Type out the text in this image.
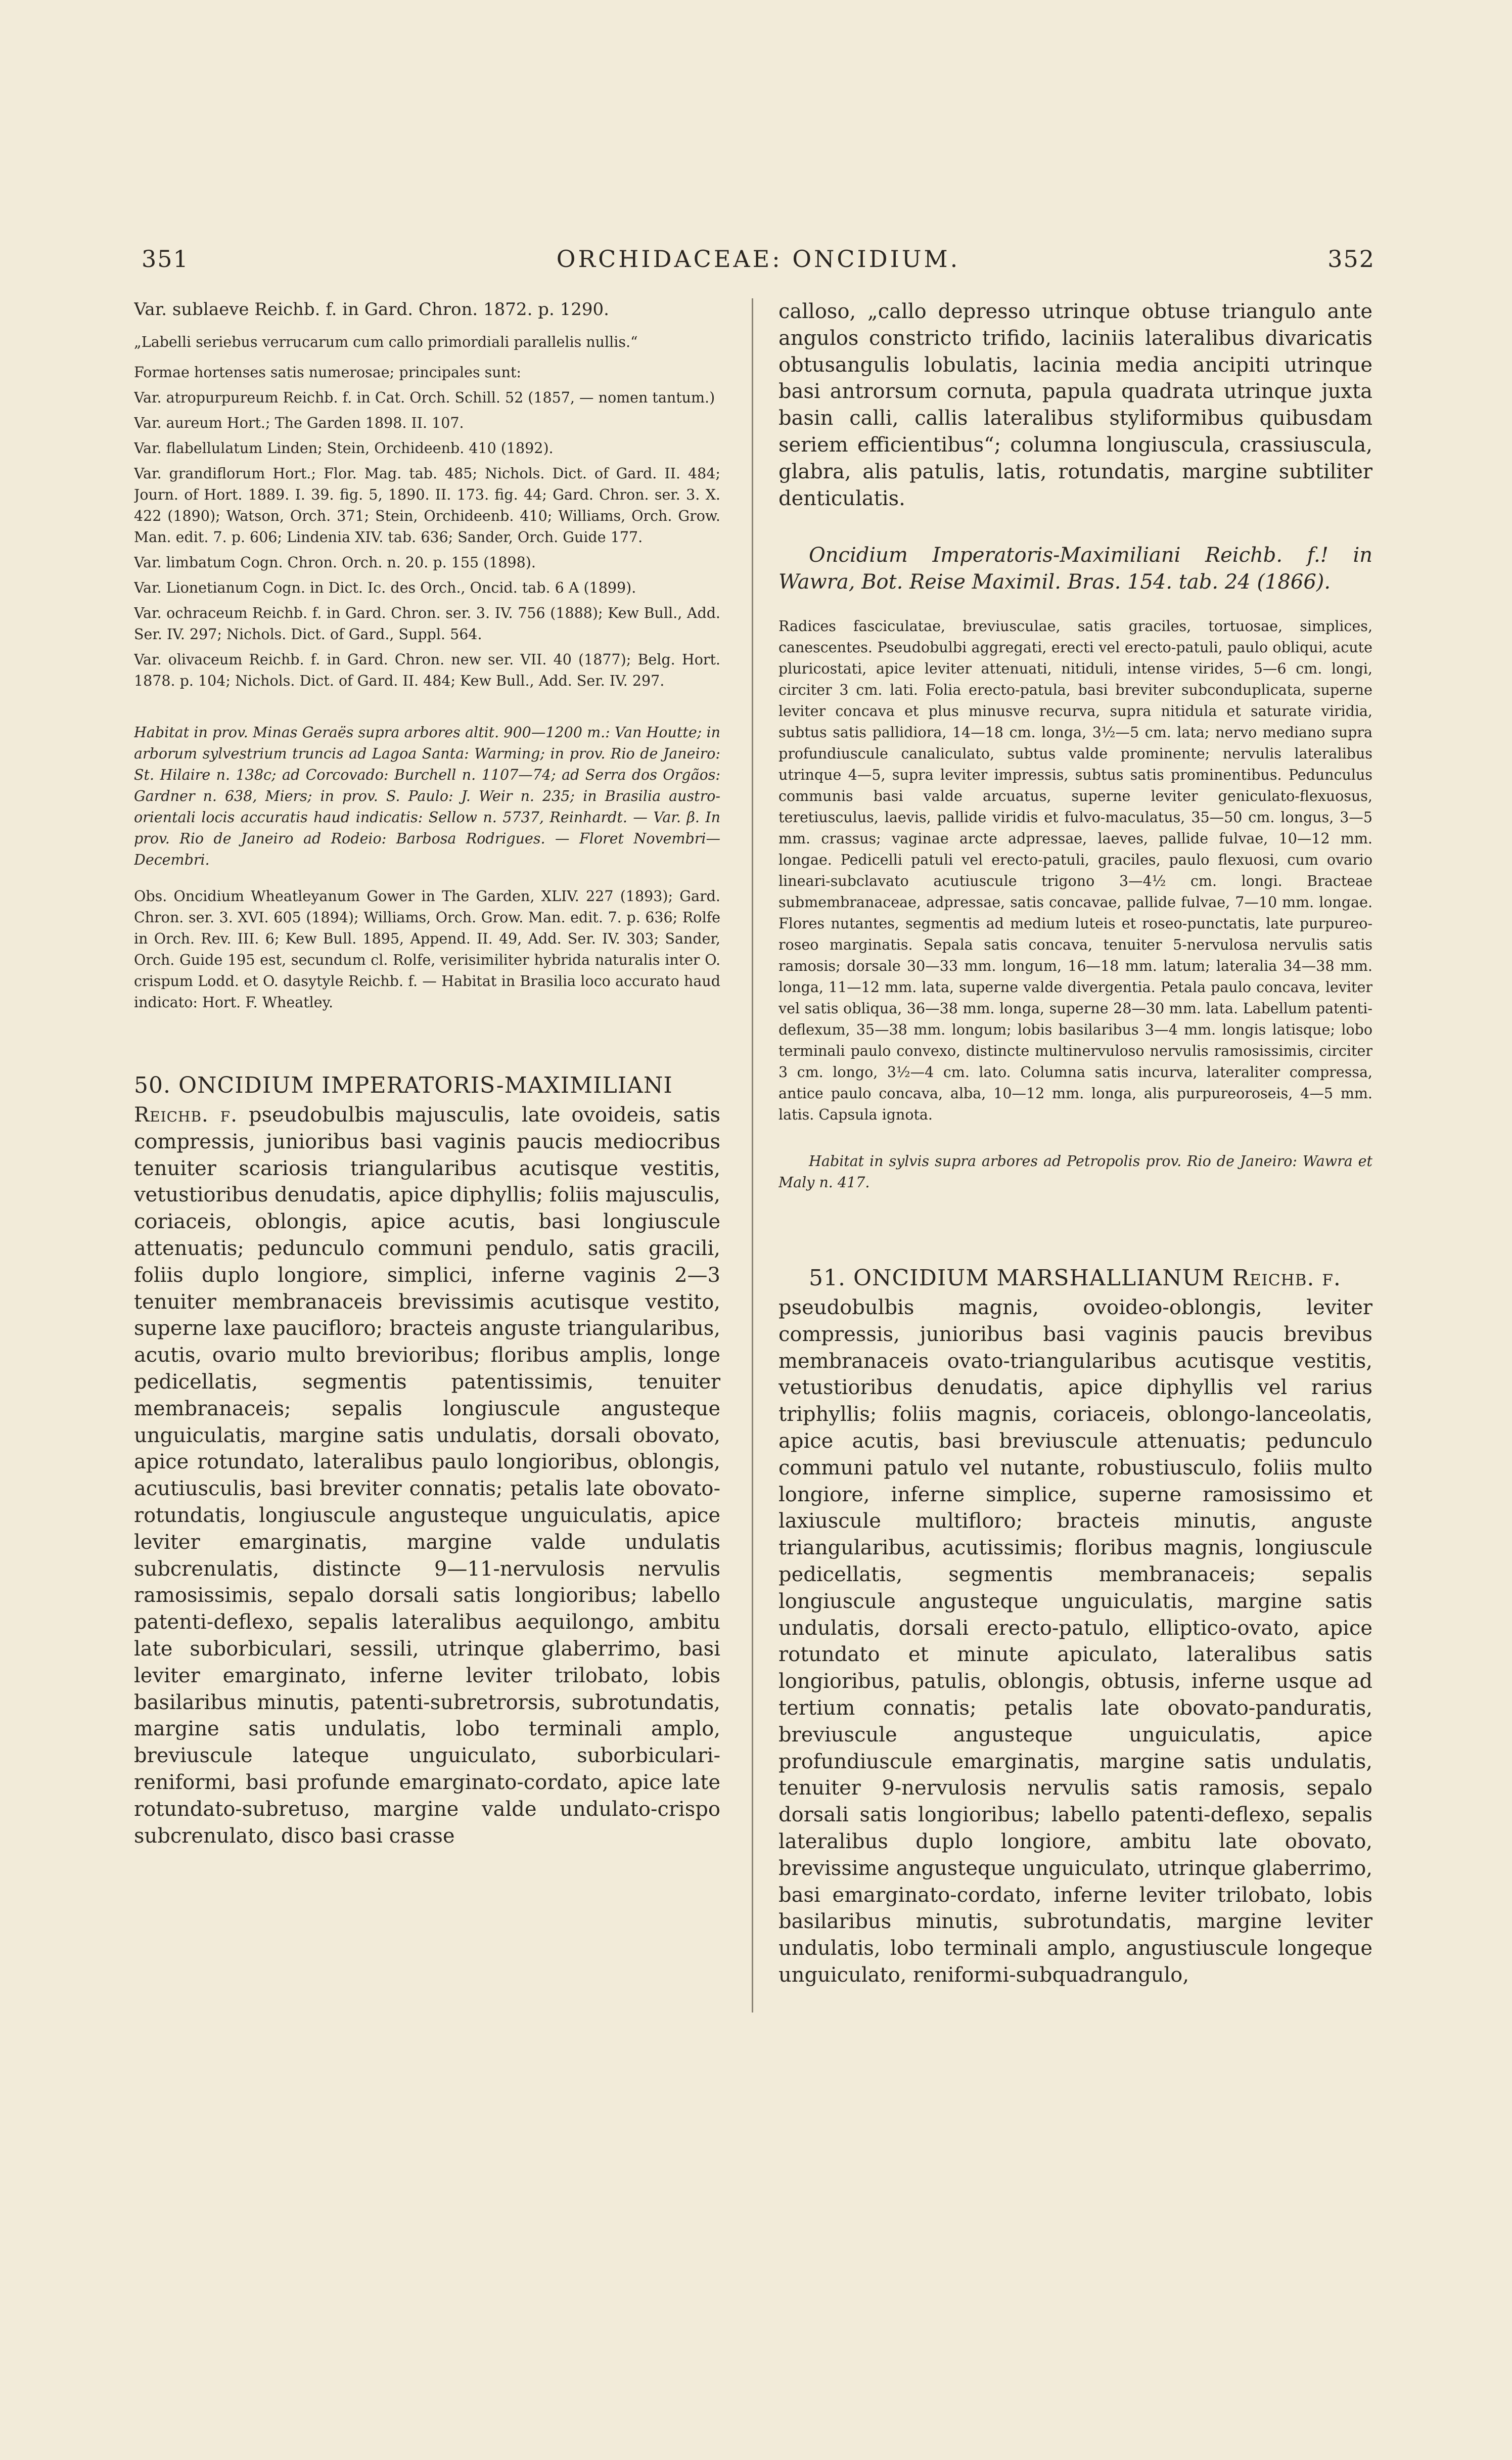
351	ORCHIDACEAE: ONCIDIUM.	352

Var. sublaeve Reichb. f. in Gard. Chron. 1872. p. 1290.

„Labelli seriebus verrucarum cum callo primordiali parallelis nullis.“

Formae hortenses satis numerosae; principales sunt:

Var. atropurpureum Reichb. f. in Cat. Orch. Schill. 52 (1857, — nomen tantum.)

Var. aureum Hort.; The Garden 1898. II. 107.

Var. flabellulatum Linden; Stein, Orchideenb. 410 (1892).

Var. grandiflorum Hort.; Flor. Mag. tab. 485; Nichols. Dict. of Gard. II. 484; Journ. of Hort. 1889. I. 39. fig. 5, 1890. II. 173. fig. 44; Gard. Chron. ser. 3. X. 422 (1890); Watson, Orch. 371; Stein, Orchideenb. 410; Williams, Orch. Grow. Man. edit. 7. p. 606; Lindenia XIV. tab. 636; Sander, Orch. Guide 177.

Var. limbatum Cogn. Chron. Orch. n. 20. p. 155 (1898).

Var. Lionetianum Cogn. in Dict. Ic. des Orch., Oncid. tab. 6 A (1899).

Var. ochraceum Reichb. f. in Gard. Chron. ser. 3. IV. 756 (1888); Kew Bull., Add. Ser. IV. 297; Nichols. Dict. of Gard., Suppl. 564.

Var. olivaceum Reichb. f. in Gard. Chron. new ser. VII. 40 (1877); Belg. Hort. 1878. p. 104; Nichols. Dict. of Gard. II. 484; Kew Bull., Add. Ser. IV. 297.

Habitat in prov. Minas Geraës supra arbores altit. 900—1200 m.: Van Houtte; in arborum sylvestrium truncis ad Lagoa Santa: Warming; in prov. Rio de Janeiro: St. Hilaire n. 138c; ad Corcovado: Burchell n. 1107—74; ad Serra dos Orgãos: Gardner n. 638, Miers; in prov. S. Paulo: J. Weir n. 235; in Brasilia austro-orientali locis accuratis haud indicatis: Sellow n. 5737, Reinhardt. — Var. β. In prov. Rio de Janeiro ad Rodeio: Barbosa Rodrigues. — Floret Novembri—Decembri.

Obs. Oncidium Wheatleyanum Gower in The Garden, XLIV. 227 (1893); Gard. Chron. ser. 3. XVI. 605 (1894); Williams, Orch. Grow. Man. edit. 7. p. 636; Rolfe in Orch. Rev. III. 6; Kew Bull. 1895, Append. II. 49, Add. Ser. IV. 303; Sander, Orch. Guide 195 est, secundum cl. Rolfe, verisimiliter hybrida naturalis inter O. crispum Lodd. et O. dasytyle Reichb. f. — Habitat in Brasilia loco accurato haud indicato: Hort. F. Wheatley.

50. ONCIDIUM IMPERATORIS-MAXIMILIANI

Reichb. f. pseudobulbis majusculis, late ovoideis, satis compressis, junioribus basi vaginis paucis mediocribus tenuiter scariosis triangularibus acutisque vestitis, vetustioribus denudatis, apice diphyllis; foliis majusculis, coriaceis, oblongis, apice acutis, basi longiuscule attenuatis; pedunculo communi pendulo, satis gracili, foliis duplo longiore, simplici, inferne vaginis 2—3 tenuiter membranaceis brevissimis acutisque vestito, superne laxe paucifloro; bracteis anguste triangularibus, acutis, ovario multo brevioribus; floribus amplis, longe pedicellatis, segmentis patentissimis, tenuiter membranaceis; sepalis longiuscule angusteque unguiculatis, margine satis undulatis, dorsali obovato, apice rotundato, lateralibus paulo longioribus, oblongis, acutiusculis, basi breviter connatis; petalis late obovato-rotundatis, longiuscule angusteque unguiculatis, apice leviter emarginatis, margine valde undulatis subcrenulatis, distincte 9—11-nervulosis nervulis ramosissimis, sepalo dorsali satis longioribus; labello patenti-deflexo, sepalis lateralibus aequilongo, ambitu late suborbiculari, sessili, utrinque glaberrimo, basi leviter emarginato, inferne leviter trilobato, lobis basilaribus minutis, patenti-subretrorsis, subrotundatis, margine satis undulatis, lobo terminali amplo, breviuscule lateque unguiculato, suborbiculari-reniformi, basi profunde emarginato-cordato, apice late rotundato-subretuso, margine valde undulato-crispo subcrenulato, disco basi crasse

calloso, „callo depresso utrinque obtuse triangulo ante angulos constricto trifido, laciniis lateralibus divaricatis obtusangulis lobulatis, lacinia media ancipiti utrinque basi antrorsum cornuta, papula quadrata utrinque juxta basin calli, callis lateralibus styliformibus quibusdam seriem efficientibus“; columna longiuscula, crassiuscula, glabra, alis patulis, latis, rotundatis, margine subtiliter denticulatis.

Oncidium Imperatoris-Maximiliani Reichb. f.! in Wawra, Bot. Reise Maximil. Bras. 154. tab. 24 (1866).

Radices fasciculatae, breviusculae, satis graciles, tortuosae, simplices, canescentes. Pseudobulbi aggregati, erecti vel erecto-patuli, paulo obliqui, acute pluricostati, apice leviter attenuati, nitiduli, intense virides, 5—6 cm. longi, circiter 3 cm. lati. Folia erecto-patula, basi breviter subconduplicata, superne leviter concava et plus minusve recurva, supra nitidula et saturate viridia, subtus satis pallidiora, 14—18 cm. longa, 3½—5 cm. lata; nervo mediano supra profundiuscule canaliculato, subtus valde prominente; nervulis lateralibus utrinque 4—5, supra leviter impressis, subtus satis prominentibus. Pedunculus communis basi valde arcuatus, superne leviter geniculato-flexuosus, teretiusculus, laevis, pallide viridis et fulvo-maculatus, 35—50 cm. longus, 3—5 mm. crassus; vaginae arcte adpressae, laeves, pallide fulvae, 10—12 mm. longae. Pedicelli patuli vel erecto-patuli, graciles, paulo flexuosi, cum ovario lineari-subclavato acutiuscule trigono 3—4½ cm. longi. Bracteae submembranaceae, adpressae, satis concavae, pallide fulvae, 7—10 mm. longae. Flores nutantes, segmentis ad medium luteis et roseo-punctatis, late purpureo-roseo marginatis. Sepala satis concava, tenuiter 5-nervulosa nervulis satis ramosis; dorsale 30—33 mm. longum, 16—18 mm. latum; lateralia 34—38 mm. longa, 11—12 mm. lata, superne valde divergentia. Petala paulo concava, leviter vel satis obliqua, 36—38 mm. longa, superne 28—30 mm. lata. Labellum patenti-deflexum, 35—38 mm. longum; lobis basilaribus 3—4 mm. longis latisque; lobo terminali paulo convexo, distincte multinervuloso nervulis ramosissimis, circiter 3 cm. longo, 3½—4 cm. lato. Columna satis incurva, lateraliter compressa, antice paulo concava, alba, 10—12 mm. longa, alis purpureoroseis, 4—5 mm. latis. Capsula ignota.

Habitat in sylvis supra arbores ad Petropolis prov. Rio de Janeiro: Wawra et Maly n. 417.

51. ONCIDIUM MARSHALLIANUM Reichb. f.

pseudobulbis magnis, ovoideo-oblongis, leviter compressis, junioribus basi vaginis paucis brevibus membranaceis ovato-triangularibus acutisque vestitis, vetustioribus denudatis, apice diphyllis vel rarius triphyllis; foliis magnis, coriaceis, oblongo-lanceolatis, apice acutis, basi breviuscule attenuatis; pedunculo communi patulo vel nutante, robustiusculo, foliis multo longiore, inferne simplice, superne ramosissimo et laxiuscule multifloro; bracteis minutis, anguste triangularibus, acutissimis; floribus magnis, longiuscule pedicellatis, segmentis membranaceis; sepalis longiuscule angusteque unguiculatis, margine satis undulatis, dorsali erecto-patulo, elliptico-ovato, apice rotundato et minute apiculato, lateralibus satis longioribus, patulis, oblongis, obtusis, inferne usque ad tertium connatis; petalis late obovato-panduratis, breviuscule angusteque unguiculatis, apice profundiuscule emarginatis, margine satis undulatis, tenuiter 9-nervulosis nervulis satis ramosis, sepalo dorsali satis longioribus; labello patenti-deflexo, sepalis lateralibus duplo longiore, ambitu late obovato, brevissime angusteque unguiculato, utrinque glaberrimo, basi emarginato-cordato, inferne leviter trilobato, lobis basilaribus minutis, subrotundatis, margine leviter undulatis, lobo terminali amplo, angustiuscule longeque unguiculato, reniformi-subquadrangulo,
